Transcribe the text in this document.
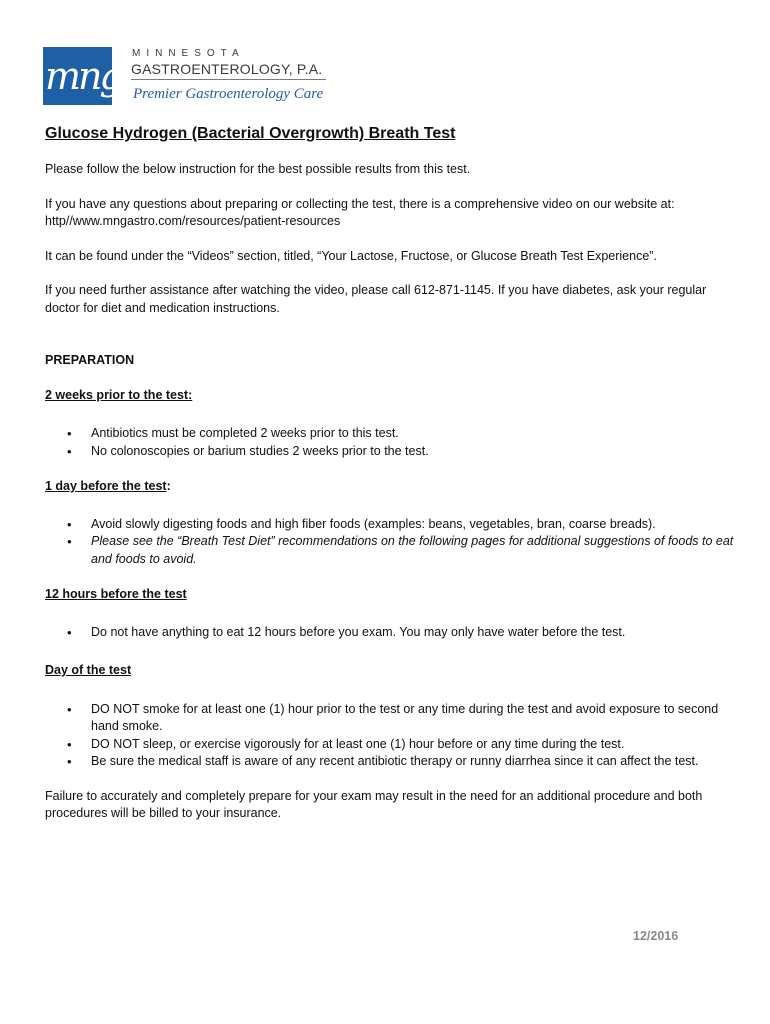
mngi
MINNESOTA
GASTROENTEROLOGY, P.A.
Premier Gastroenterology Care
Glucose Hydrogen (Bacterial Overgrowth) Breath Test

Please follow the below instruction for the best possible results from this test.

If you have any questions about preparing or collecting the test, there is a comprehensive video on our website at: http//www.mngastro.com/resources/patient-resources

It can be found under the “Videos” section, titled, “Your Lactose, Fructose, or Glucose Breath Test Experience”.

If you need further assistance after watching the video, please call 612-871-1145. If you have diabetes, ask your regular doctor for diet and medication instructions.

PREPARATION

2 weeks prior to the test:

• Antibiotics must be completed 2 weeks prior to this test.
• No colonoscopies or barium studies 2 weeks prior to the test.

1 day before the test:

• Avoid slowly digesting foods and high fiber foods (examples: beans, vegetables, bran, coarse breads).
• Please see the “Breath Test Diet” recommendations on the following pages for additional suggestions of foods to eat and foods to avoid.

12 hours before the test

• Do not have anything to eat 12 hours before you exam. You may only have water before the test.

Day of the test

• DO NOT smoke for at least one (1) hour prior to the test or any time during the test and avoid exposure to second hand smoke.
• DO NOT sleep, or exercise vigorously for at least one (1) hour before or any time during the test.
• Be sure the medical staff is aware of any recent antibiotic therapy or runny diarrhea since it can affect the test.

Failure to accurately and completely prepare for your exam may result in the need for an additional procedure and both procedures will be billed to your insurance.

12/2016
